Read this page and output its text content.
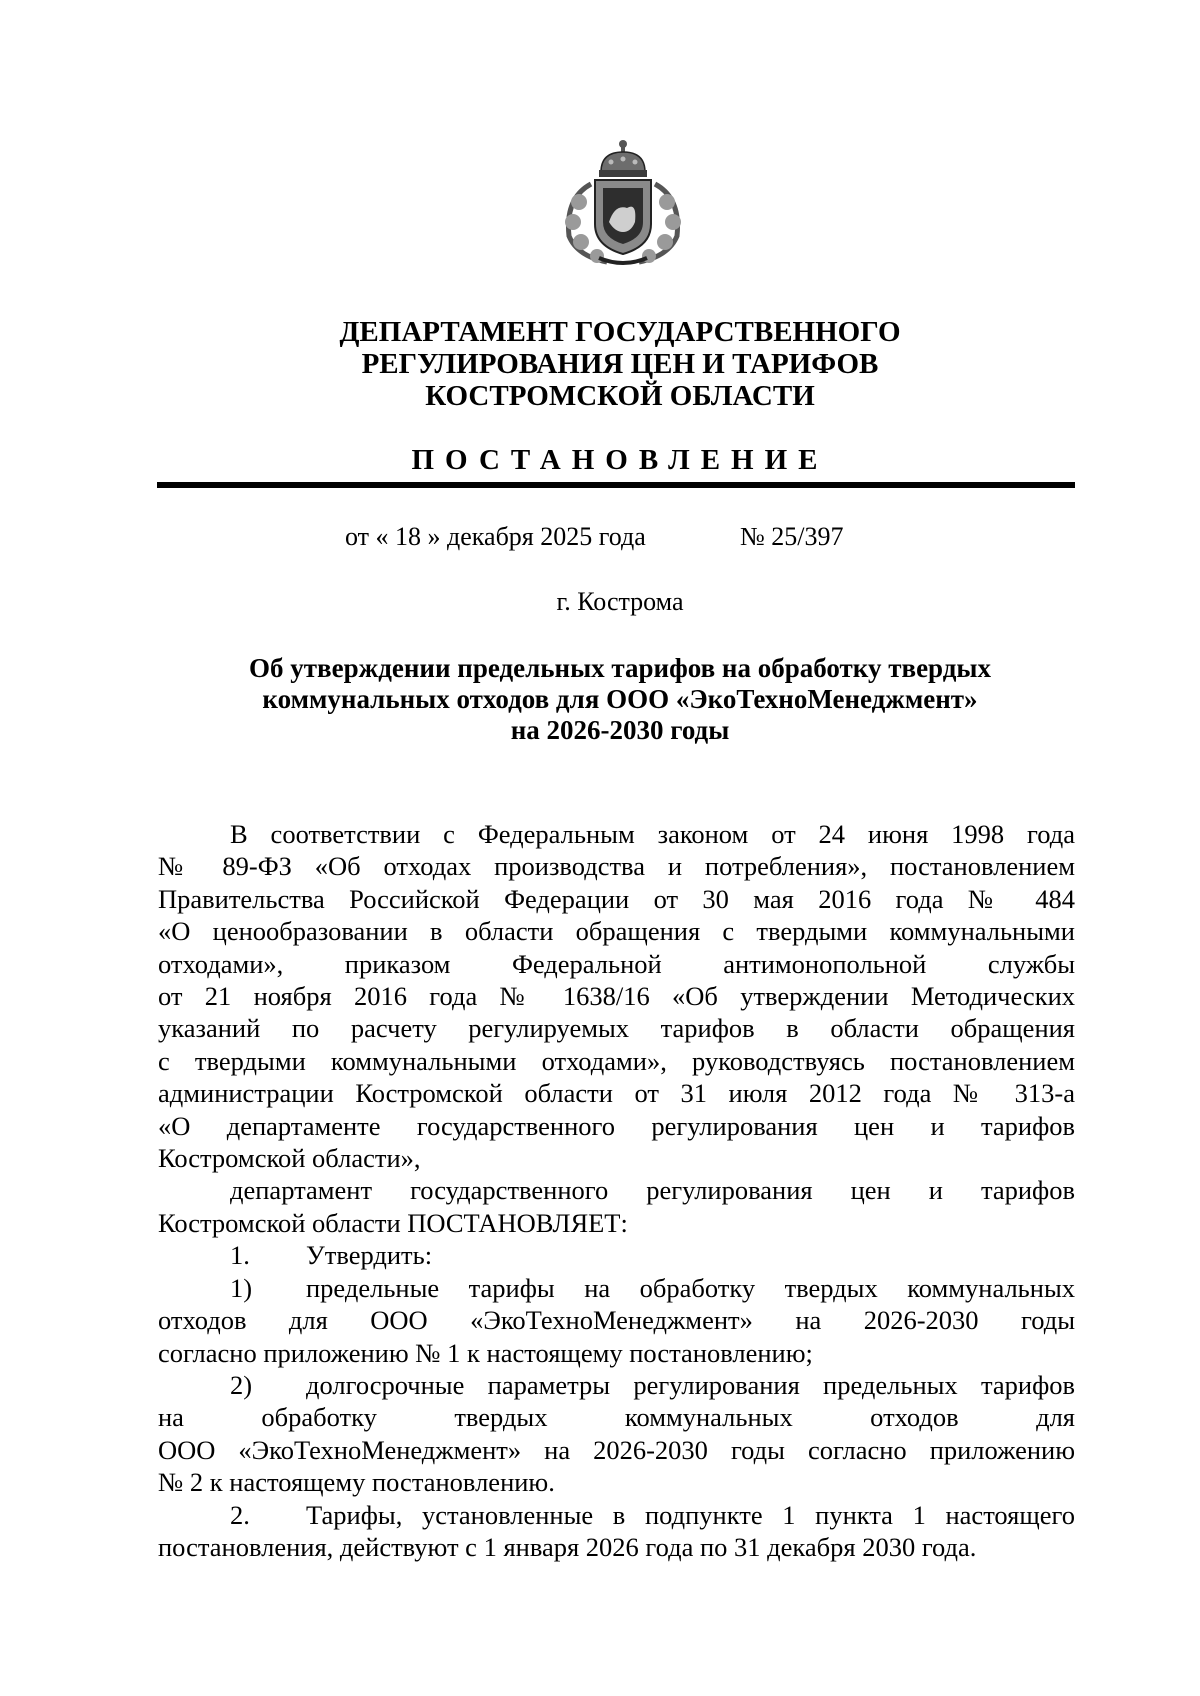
ДЕПАРТАМЕНТ ГОСУДАРСТВЕННОГО
РЕГУЛИРОВАНИЯ ЦЕН И ТАРИФОВ
КОСТРОМСКОЙ ОБЛАСТИ
ПОСТАНОВЛЕНИЕ
от « 18 » декабря 2025 года	№ 25/397
г. Кострома
Об утверждении предельных тарифов на обработку твердых
коммунальных отходов для ООО «ЭкоТехноМенеджмент»
на 2026-2030 годы
В соответствии с Федеральным законом от 24 июня 1998 года
№ 89-ФЗ «Об отходах производства и потребления», постановлением
Правительства Российской Федерации от 30 мая 2016 года № 484
«О ценообразовании в области обращения с твердыми коммунальными
отходами», приказом Федеральной антимонопольной службы
от 21 ноября 2016 года № 1638/16 «Об утверждении Методических
указаний по расчету регулируемых тарифов в области обращения
с твердыми коммунальными отходами», руководствуясь постановлением
администрации Костромской области от 31 июля 2012 года № 313-а
«О департаменте государственного регулирования цен и тарифов
Костромской области»,
департамент государственного регулирования цен и тарифов
Костромской области ПОСТАНОВЛЯЕТ:
1. Утвердить:
1) предельные тарифы на обработку твердых коммунальных
отходов для ООО «ЭкоТехноМенеджмент» на 2026-2030 годы
согласно приложению № 1 к настоящему постановлению;
2) долгосрочные параметры регулирования предельных тарифов
на обработку твердых коммунальных отходов для
ООО «ЭкоТехноМенеджмент» на 2026-2030 годы согласно приложению
№ 2 к настоящему постановлению.
2. Тарифы, установленные в подпункте 1 пункта 1 настоящего
постановления, действуют с 1 января 2026 года по 31 декабря 2030 года.
